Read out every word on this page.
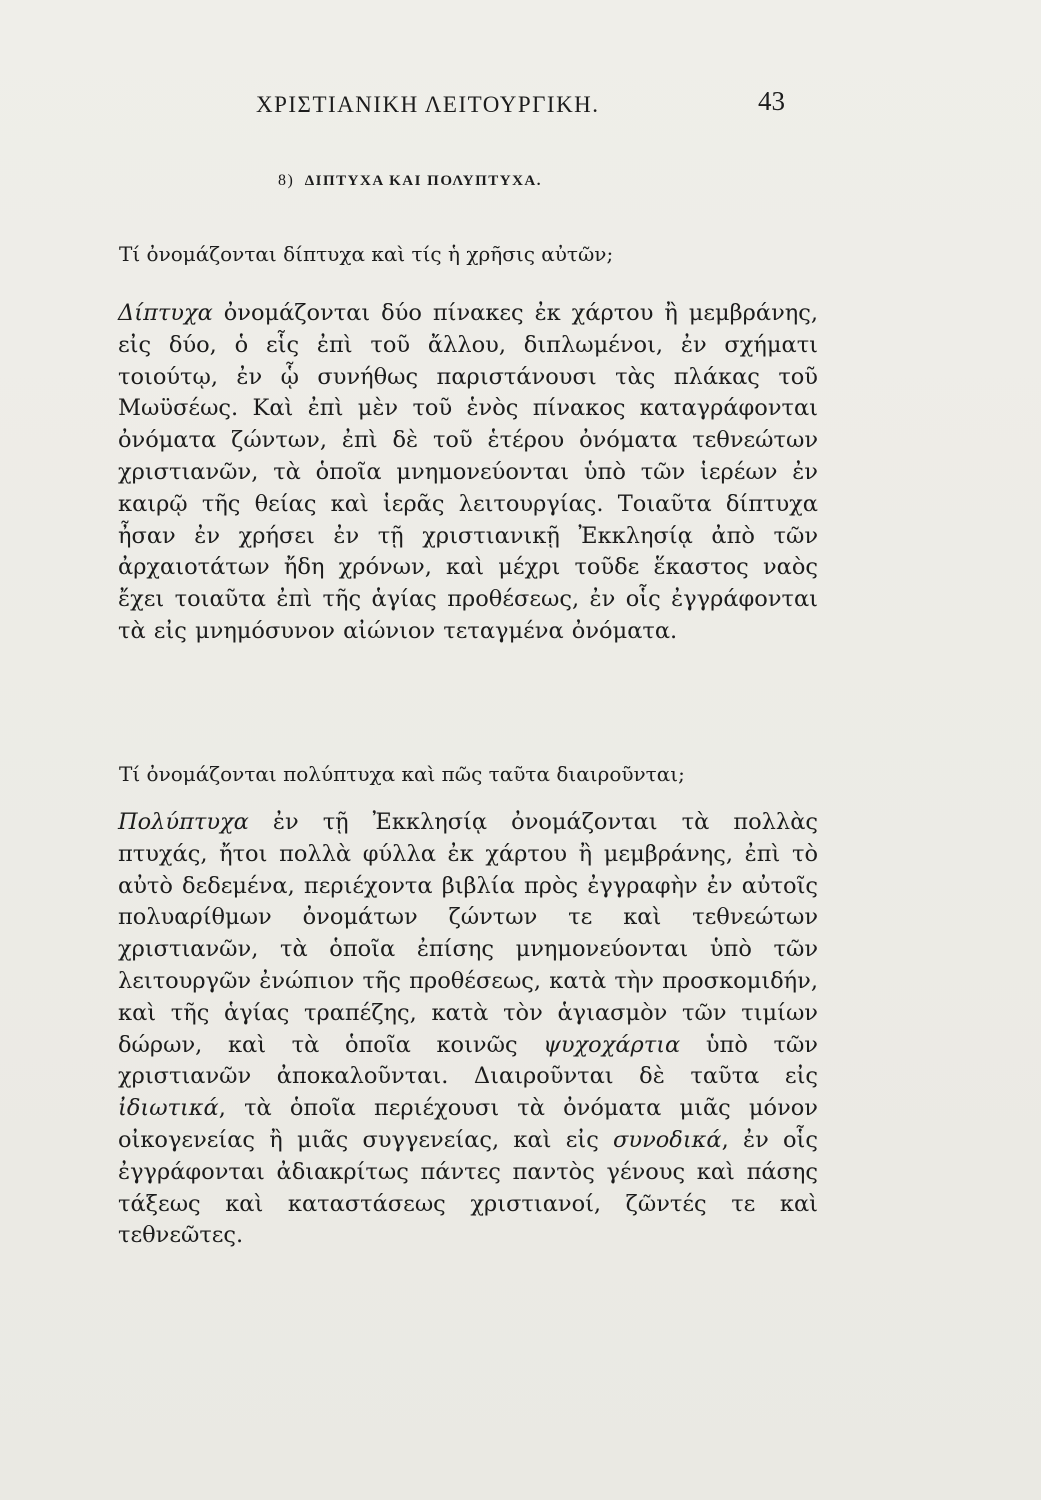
ΧΡΙΣΤΙΑΝΙΚΗ ΛΕΙΤΟΥΡΓΙΚΗ.	43
8) ΔΙΠΤΥΧΑ ΚΑΙ ΠΟΛΥΠΤΥΧΑ.
Τί ὀνομάζονται δίπτυχα καὶ τίς ἡ χρῆσις αὐτῶν;
Δίπτυχα ὀνομάζονται δύο πίνακες ἐκ χάρτου ἢ μεμβράνης, εἰς δύο, ὁ εἷς ἐπὶ τοῦ ἄλλου, διπλωμένοι, ἐν σχήματι τοιούτῳ, ἐν ᾧ συνήθως παριστάνουσι τὰς πλάκας τοῦ Μωϋσέως. Καὶ ἐπὶ μὲν τοῦ ἑνὸς πίνακος καταγράφονται ὀνόματα ζώντων, ἐπὶ δὲ τοῦ ἑτέρου ὀνόματα τεθνεώτων χριστιανῶν, τὰ ὁποῖα μνημονεύονται ὑπὸ τῶν ἱερέων ἐν καιρῷ τῆς θείας καὶ ἱερᾶς λειτουργίας. Τοιαῦτα δίπτυχα ἦσαν ἐν χρήσει ἐν τῇ χριστιανικῇ Ἐκκλησίᾳ ἀπὸ τῶν ἀρχαιοτάτων ἤδη χρόνων, καὶ μέχρι τοῦδε ἕκαστος ναὸς ἔχει τοιαῦτα ἐπὶ τῆς ἁγίας προθέσεως, ἐν οἷς ἐγγράφονται τὰ εἰς μνημόσυνον αἰώνιον τεταγμένα ὀνόματα.
Τί ὀνομάζονται πολύπτυχα καὶ πῶς ταῦτα διαιροῦνται;
Πολύπτυχα ἐν τῇ Ἐκκλησίᾳ ὀνομάζονται τὰ πολλὰς πτυχάς, ἤτοι πολλὰ φύλλα ἐκ χάρτου ἢ μεμβράνης, ἐπὶ τὸ αὐτὸ δεδεμένα, περιέχοντα βιβλία πρὸς ἐγγραφὴν ἐν αὐτοῖς πολυαρίθμων ὀνομάτων ζώντων τε καὶ τεθνεώτων χριστιανῶν, τὰ ὁποῖα ἐπίσης μνημονεύονται ὑπὸ τῶν λειτουργῶν ἐνώπιον τῆς προθέσεως, κατὰ τὴν προσκομιδήν, καὶ τῆς ἁγίας τραπέζης, κατὰ τὸν ἁγιασμὸν τῶν τιμίων δώρων, καὶ τὰ ὁποῖα κοινῶς ψυχοχάρτια ὑπὸ τῶν χριστιανῶν ἀποκαλοῦνται. Διαιροῦνται δὲ ταῦτα εἰς ἰδιωτικά, τὰ ὁποῖα περιέχουσι τὰ ὀνόματα μιᾶς μόνον οἰκογενείας ἢ μιᾶς συγγενείας, καὶ εἰς συνοδικά, ἐν οἷς ἐγγράφονται ἀδιακρίτως πάντες παντὸς γένους καὶ πάσης τάξεως καὶ καταστάσεως χριστιανοί, ζῶντές τε καὶ τεθνεῶτες.
